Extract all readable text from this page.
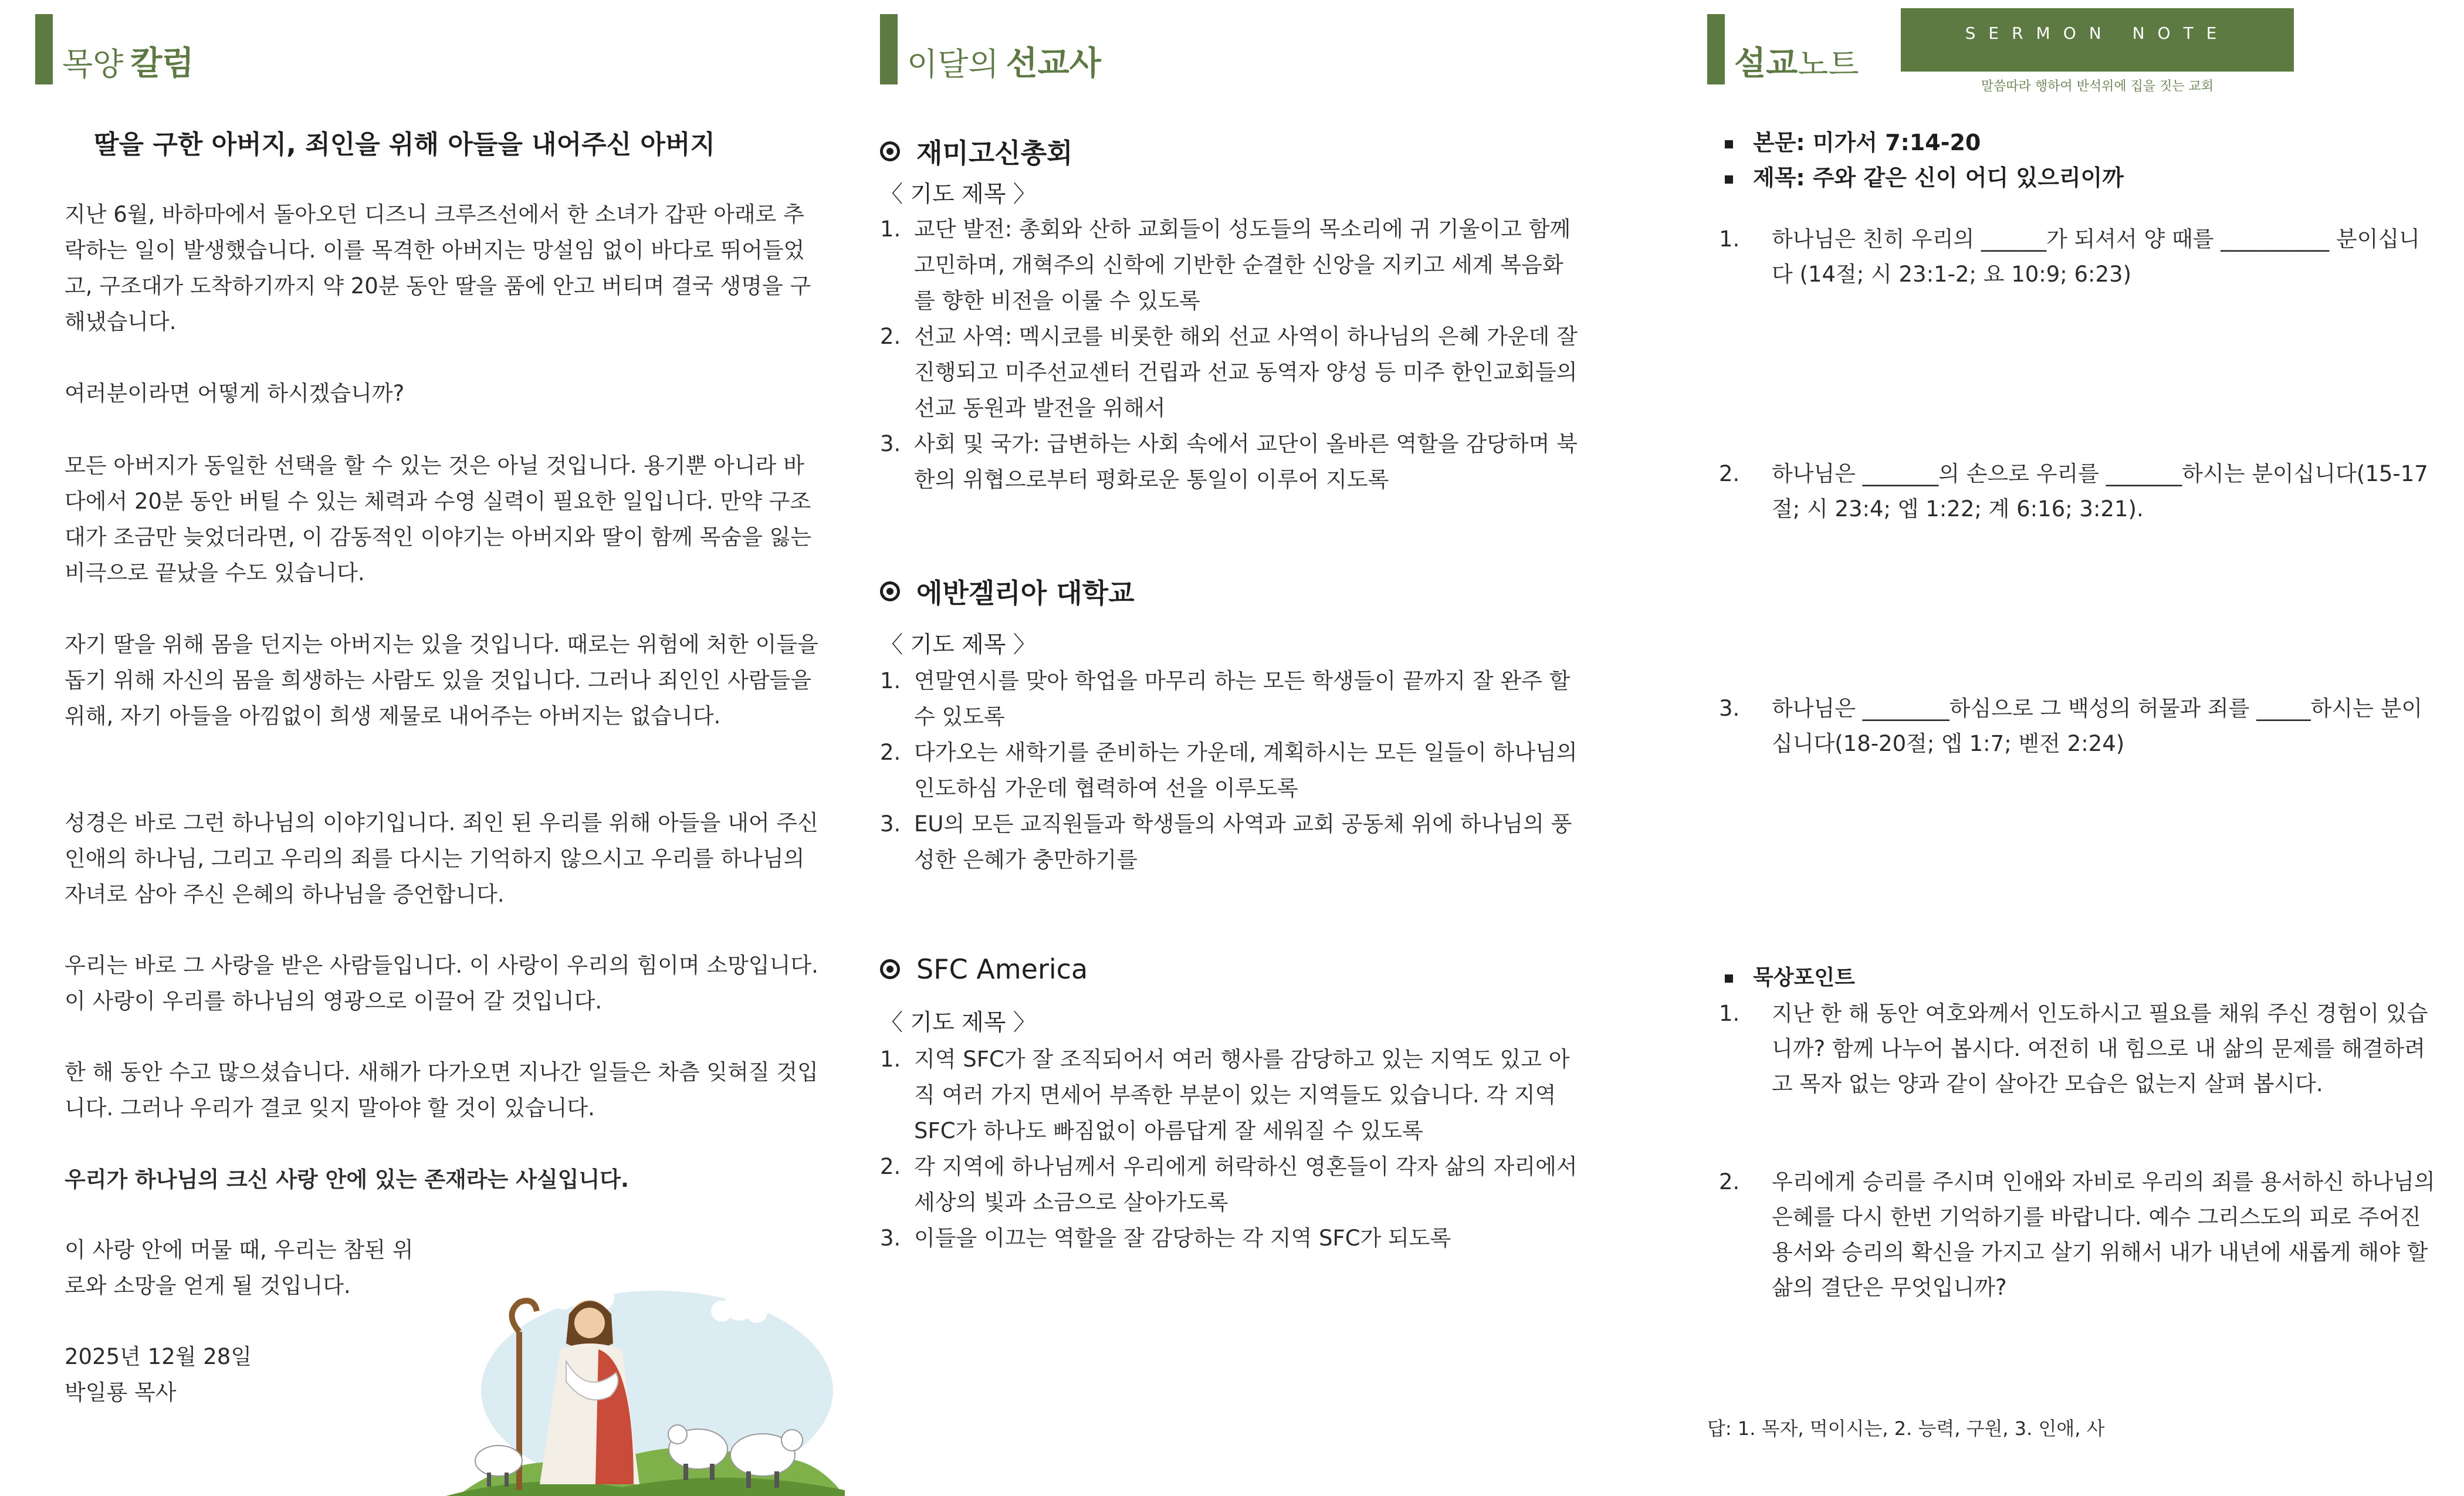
목양 칼럼
딸을 구한 아버지, 죄인을 위해 아들을 내어주신 아버지

지난 6월, 바하마에서 돌아오던 디즈니 크루즈선에서 한 소녀가 갑판 아래로 추락하는 일이 발생했습니다. 이를 목격한 아버지는 망설임 없이 바다로 뛰어들었고, 구조대가 도착하기까지 약 20분 동안 딸을 품에 안고 버티며 결국 생명을 구해냈습니다.

여러분이라면 어떻게 하시겠습니까?

모든 아버지가 동일한 선택을 할 수 있는 것은 아닐 것입니다. 용기뿐 아니라 바다에서 20분 동안 버틸 수 있는 체력과 수영 실력이 필요한 일입니다. 만약 구조대가 조금만 늦었더라면, 이 감동적인 이야기는 아버지와 딸이 함께 목숨을 잃는 비극으로 끝났을 수도 있습니다.

자기 딸을 위해 몸을 던지는 아버지는 있을 것입니다. 때로는 위험에 처한 이들을 돕기 위해 자신의 몸을 희생하는 사람도 있을 것입니다. 그러나 죄인인 사람들을 위해, 자기 아들을 아낌없이 희생 제물로 내어주는 아버지는 없습니다.

성경은 바로 그런 하나님의 이야기입니다. 죄인 된 우리를 위해 아들을 내어 주신 인애의 하나님, 그리고 우리의 죄를 다시는 기억하지 않으시고 우리를 하나님의 자녀로 삼아 주신 은혜의 하나님을 증언합니다.

우리는 바로 그 사랑을 받은 사람들입니다. 이 사랑이 우리의 힘이며 소망입니다. 이 사랑이 우리를 하나님의 영광으로 이끌어 갈 것입니다.

한 해 동안 수고 많으셨습니다. 새해가 다가오면 지나간 일들은 차츰 잊혀질 것입니다. 그러나 우리가 결코 잊지 말아야 할 것이 있습니다.

우리가 하나님의 크신 사랑 안에 있는 존재라는 사실입니다.

이 사랑 안에 머물 때, 우리는 참된 위로와 소망을 얻게 될 것입니다.

2025년 12월 28일
박일룡 목사
이달의 선교사
재미고신총회
〈 기도 제목 〉
1. 교단 발전: 총회와 산하 교회들이 성도들의 목소리에 귀 기울이고 함께 고민하며, 개혁주의 신학에 기반한 순결한 신앙을 지키고 세계 복음화를 향한 비전을 이룰 수 있도록
2. 선교 사역: 멕시코를 비롯한 해외 선교 사역이 하나님의 은혜 가운데 잘 진행되고 미주선교센터 건립과 선교 동역자 양성 등 미주 한인교회들의 선교 동원과 발전을 위해서
3. 사회 및 국가: 급변하는 사회 속에서 교단이 올바른 역할을 감당하며 북한의 위협으로부터 평화로운 통일이 이루어 지도록
에반겔리아 대학교
〈 기도 제목 〉
1. 연말연시를 맞아 학업을 마무리 하는 모든 학생들이 끝까지 잘 완주 할 수 있도록
2. 다가오는 새학기를 준비하는 가운데, 계획하시는 모든 일들이 하나님의 인도하심 가운데 협력하여 선을 이루도록
3. EU의 모든 교직원들과 학생들의 사역과 교회 공동체 위에 하나님의 풍성한 은혜가 충만하기를
SFC America
〈 기도 제목 〉
1. 지역 SFC가 잘 조직되어서 여러 행사를 감당하고 있는 지역도 있고 아직 여러 가지 면세어 부족한 부분이 있는 지역들도 있습니다. 각 지역 SFC가 하나도 빠짐없이 아름답게 잘 세워질 수 있도록
2. 각 지역에 하나님께서 우리에게 허락하신 영혼들이 각자 삶의 자리에서 세상의 빛과 소금으로 살아가도록
3. 이들을 이끄는 역할을 잘 감당하는 각 지역 SFC가 되도록
설교 노트
SERMON NOTE
말씀따라 행하여 반석위에 집을 짓는 교회
본문: 미가서 7:14-20
제목: 주와 같은 신이 어디 있으리이까
1.	하나님은 친히 우리의 ______가 되셔서 양 때를 __________ 분이십니다 (14절; 시 23:1-2; 요 10:9; 6:23)
2.	하나님은 _______의 손으로 우리를 _______하시는 분이십니다(15-17절; 시 23:4; 엡 1:22; 계 6:16; 3:21).
3.	하나님은 ________하심으로 그 백성의 허물과 죄를 _____하시는 분이십니다(18-20절; 엡 1:7; 벧전 2:24)
묵상포인트
1.	지난 한 해 동안 여호와께서 인도하시고 필요를 채워 주신 경험이 있습니까? 함께 나누어 봅시다. 여전히 내 힘으로 내 삶의 문제를 해결하려고 목자 없는 양과 같이 살아간 모습은 없는지 살펴 봅시다.
2.	우리에게 승리를 주시며 인애와 자비로 우리의 죄를 용서하신 하나님의 은혜를 다시 한번 기억하기를 바랍니다. 예수 그리스도의 피로 주어진 용서와 승리의 확신을 가지고 살기 위해서 내가 내년에 새롭게 해야 할 삶의 결단은 무엇입니까?
답: 1. 목자, 먹이시는, 2. 능력, 구원, 3. 인애, 사
